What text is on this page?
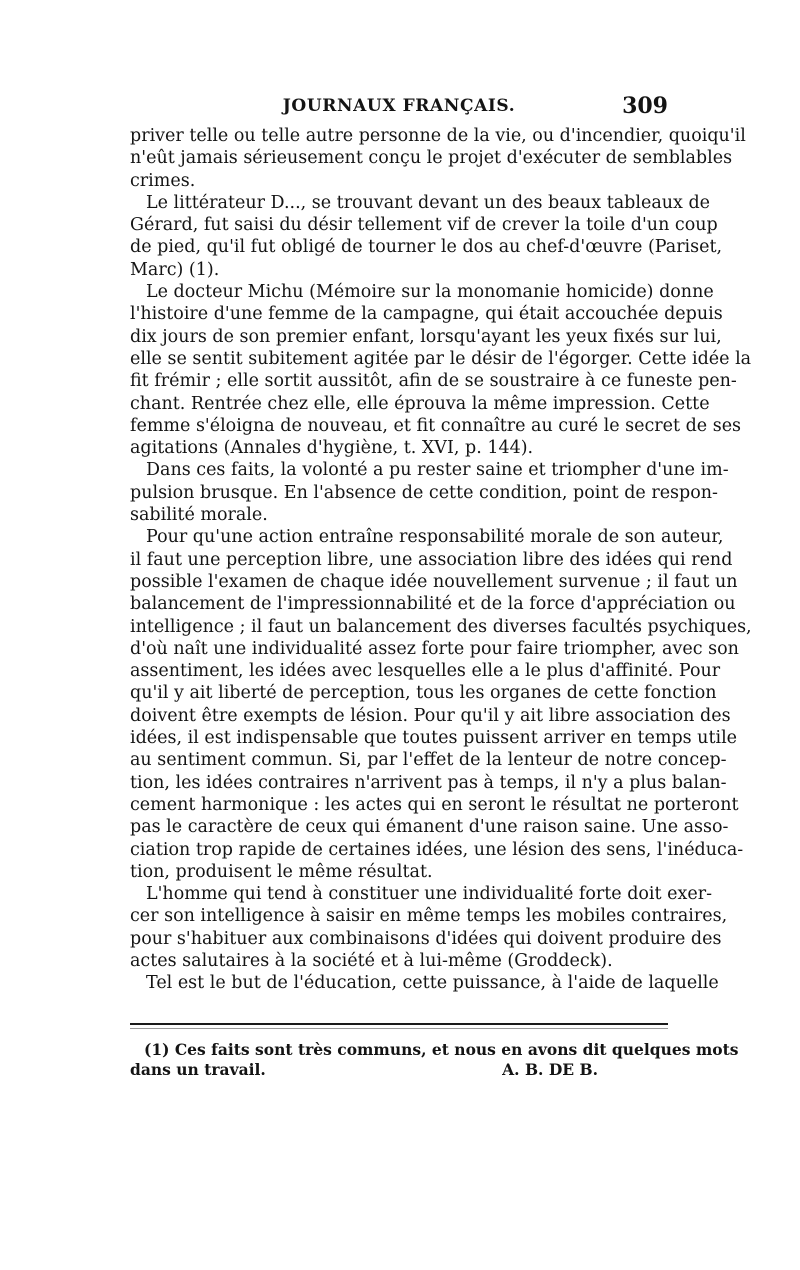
JOURNAUX FRANÇAIS.	309
priver telle ou telle autre personne de la vie, ou d'incendier, quoiqu'il
n'eût jamais sérieusement conçu le projet d'exécuter de semblables
crimes.
Le littérateur D..., se trouvant devant un des beaux tableaux de
Gérard, fut saisi du désir tellement vif de crever la toile d'un coup
de pied, qu'il fut obligé de tourner le dos au chef-d'œuvre (Pariset,
Marc) (1).
Le docteur Michu (Mémoire sur la monomanie homicide) donne
l'histoire d'une femme de la campagne, qui était accouchée depuis
dix jours de son premier enfant, lorsqu'ayant les yeux fixés sur lui,
elle se sentit subitement agitée par le désir de l'égorger. Cette idée la
fit frémir ; elle sortit aussitôt, afin de se soustraire à ce funeste pen-
chant. Rentrée chez elle, elle éprouva la même impression. Cette
femme s'éloigna de nouveau, et fit connaître au curé le secret de ses
agitations (Annales d'hygiène, t. XVI, p. 144).
Dans ces faits, la volonté a pu rester saine et triompher d'une im-
pulsion brusque. En l'absence de cette condition, point de respon-
sabilité morale.
Pour qu'une action entraîne responsabilité morale de son auteur,
il faut une perception libre, une association libre des idées qui rend
possible l'examen de chaque idée nouvellement survenue ; il faut un
balancement de l'impressionnabilité et de la force d'appréciation ou
intelligence ; il faut un balancement des diverses facultés psychiques,
d'où naît une individualité assez forte pour faire triompher, avec son
assentiment, les idées avec lesquelles elle a le plus d'affinité. Pour
qu'il y ait liberté de perception, tous les organes de cette fonction
doivent être exempts de lésion. Pour qu'il y ait libre association des
idées, il est indispensable que toutes puissent arriver en temps utile
au sentiment commun. Si, par l'effet de la lenteur de notre concep-
tion, les idées contraires n'arrivent pas à temps, il n'y a plus balan-
cement harmonique : les actes qui en seront le résultat ne porteront
pas le caractère de ceux qui émanent d'une raison saine. Une asso-
ciation trop rapide de certaines idées, une lésion des sens, l'inéduca-
tion, produisent le même résultat.
L'homme qui tend à constituer une individualité forte doit exer-
cer son intelligence à saisir en même temps les mobiles contraires,
pour s'habituer aux combinaisons d'idées qui doivent produire des
actes salutaires à la société et à lui-même (Groddeck).
Tel est le but de l'éducation, cette puissance, à l'aide de laquelle
(1) Ces faits sont très communs, et nous en avons dit quelques mots
dans un travail.	A. B. DE B.
